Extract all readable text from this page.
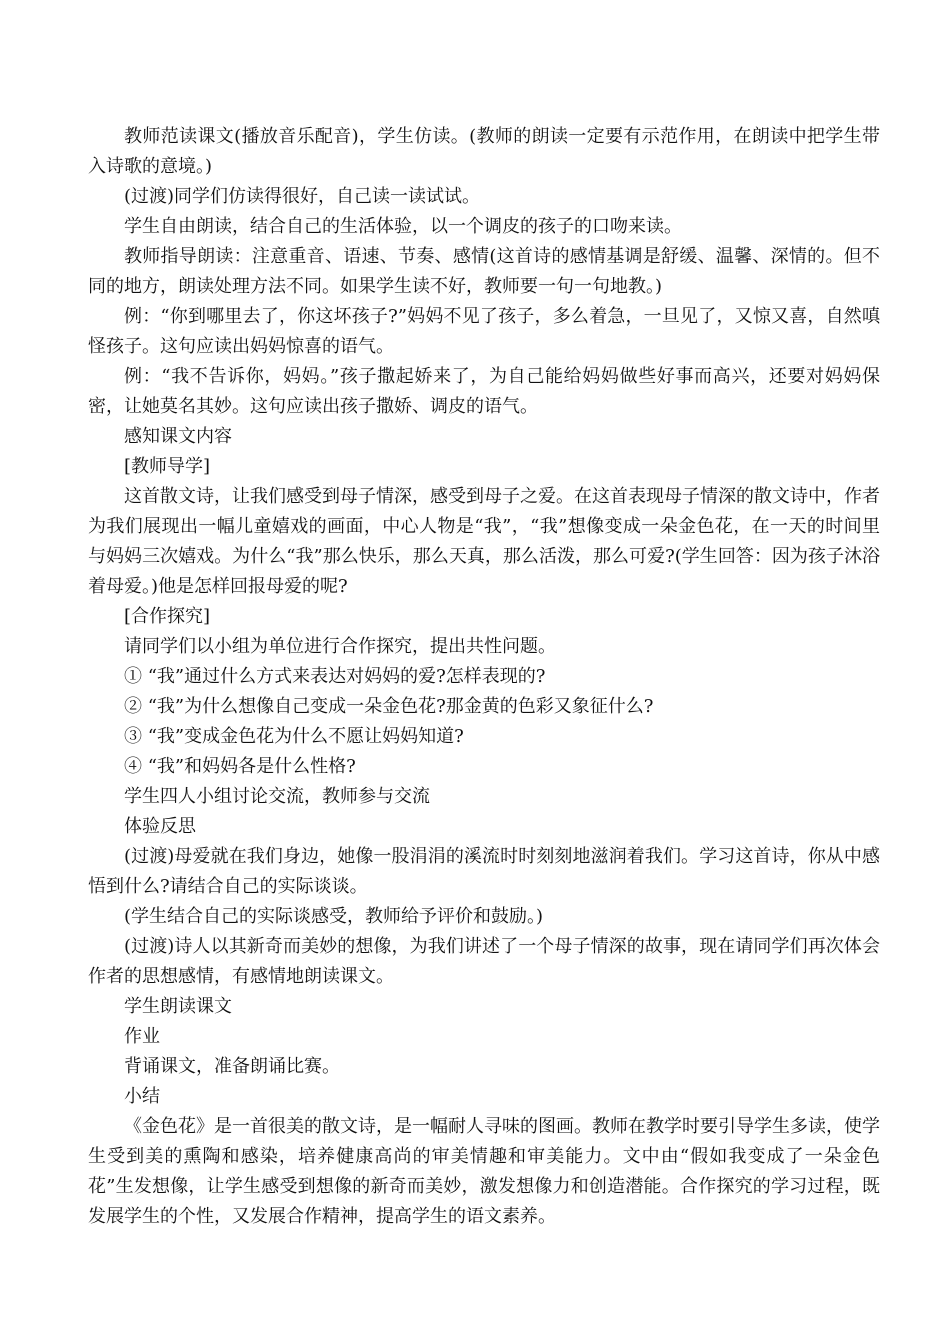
教师范读课文(播放音乐配音)，学生仿读。(教师的朗读一定要有示范作用，在朗读中把学生带入诗歌的意境。)

(过渡)同学们仿读得很好，自己读一读试试。

学生自由朗读，结合自己的生活体验，以一个调皮的孩子的口吻来读。

教师指导朗读：注意重音、语速、节奏、感情(这首诗的感情基调是舒缓、温馨、深情的。但不同的地方，朗读处理方法不同。如果学生读不好，教师要一句一句地教。)

例：“你到哪里去了，你这坏孩子?”妈妈不见了孩子，多么着急，一旦见了，又惊又喜，自然嗔怪孩子。这句应读出妈妈惊喜的语气。

例：“我不告诉你，妈妈。”孩子撒起娇来了，为自己能给妈妈做些好事而高兴，还要对妈妈保密，让她莫名其妙。这句应读出孩子撒娇、调皮的语气。

感知课文内容

[教师导学]

这首散文诗，让我们感受到母子情深，感受到母子之爱。在这首表现母子情深的散文诗中，作者为我们展现出一幅儿童嬉戏的画面，中心人物是“我”，“我”想像变成一朵金色花，在一天的时间里与妈妈三次嬉戏。为什么“我”那么快乐，那么天真，那么活泼，那么可爱?(学生回答：因为孩子沐浴着母爱。)他是怎样回报母爱的呢?

[合作探究]

请同学们以小组为单位进行合作探究，提出共性问题。

① “我”通过什么方式来表达对妈妈的爱?怎样表现的?

② “我”为什么想像自己变成一朵金色花?那金黄的色彩又象征什么?

③ “我”变成金色花为什么不愿让妈妈知道?

④ “我”和妈妈各是什么性格?

学生四人小组讨论交流，教师参与交流

体验反思

(过渡)母爱就在我们身边，她像一股涓涓的溪流时时刻刻地滋润着我们。学习这首诗，你从中感悟到什么?请结合自己的实际谈谈。

(学生结合自己的实际谈感受，教师给予评价和鼓励。)

(过渡)诗人以其新奇而美妙的想像，为我们讲述了一个母子情深的故事，现在请同学们再次体会作者的思想感情，有感情地朗读课文。

学生朗读课文

作业

背诵课文，准备朗诵比赛。

小结

《金色花》是一首很美的散文诗，是一幅耐人寻味的图画。教师在教学时要引导学生多读，使学生受到美的熏陶和感染，培养健康高尚的审美情趣和审美能力。文中由“假如我变成了一朵金色花”生发想像，让学生感受到想像的新奇而美妙，激发想像力和创造潜能。合作探究的学习过程，既发展学生的个性，又发展合作精神，提高学生的语文素养。
